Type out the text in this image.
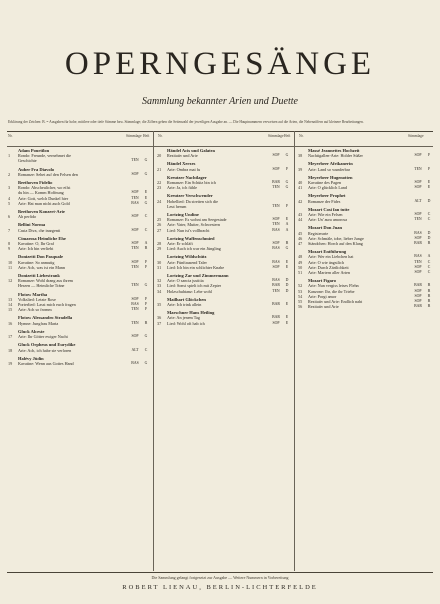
OPERNGESÄNGE
Sammlung bekannter Arien und Duette
Erklärung der Zeichen: B. = Ausgaben für hohe, mittlere oder tiefe Stimme bzw. Stimmlage; die Ziffern geben die Seitenzahl der jeweiligen Ausgabe an. — Die Hauptnummern verweisen auf die Arien, die Nebenziffern auf kleinere Bearbeitungen.
Nr.	Stimmlage Heft Nr.	Stimmlage Heft Nr.	Stimmlage
Adam Pourtilon
1	Rondo: Freunde, vernehmet die
Geschichte	TEN	G
Auber Fra Diavolo
2	Romanze: Sehet auf den Felsen den	SOP	G
Beethoven Fidelio
3	Rondo: Abscheulicher, wo eilst
du hin — Komm Hoffnung	SOP	E
4	Arie: Gott, welch Dunkel hier	TEN	E
5	Arie: Hat man nicht auch Gold	BAS	G
Beethoven Konzert-Arie
6	Ah perfido	SOP	C
Bellini Norma
7	Casta Diva, che inargenti	SOP	C
Cimarosa Heimliche Ehe
8	Kavatine: O, Ihr Graf	SOP	A
9	Arie: Ich bin verliebt	TEN	B
Donizetti Don Pasquale
10	Kavatine: So anmutig	SOP	F
11	Arie: Ach, was ist ein Mann	TEN	F
Donizetti Liebestrank
12	Romanze: Wohl drang aus ihrem
Herzen — Heimliche Träne	TEN	G
Flotow Martha
13	Volkslied: Letzte Rose	SOP	F
14	Porterlied: Lasst mich euch fragen	BAS	F
15	Arie: Ach so fromm	TEN	F
Flotow Alessandro Stradella
16	Hymne: Jungfrau Maria	TEN	B
Gluck Alceste
17	Arie: Ihr Götter ewiger Nacht	SOP	G
Gluck Orpheus und Eurydike
18	Arie: Ach, ich habe sie verloren	ALT	C
Halévy Jüdin
19	Kavatine: Wenn aus Gottes Hand	BAS	G
Händel Acis und Galatea
20	Rezitativ und Arie	SOP	G
Händel Xerxes
21	Arie: Ombra mai fu	SOP	F
Kreutzer Nachtlager
22	Romanze: Ein Schütz bin ich	BAR	G
23	Arie: Ja, ich fühle	TEN	G
Kreutzer Verschwender
24	Hobellied: Da streiten sich die
Leut herum	TEN	F
Lortzing Undine
25	Romanze: Es wohnt am Seegestade	SOP	E
26	Arie: Vater, Mutter, Schwestern	TEN	A
27	Lied: Nun ist's vollbracht	BAS	A
Lortzing Waffenschmied
28	Arie: Er schläft	SOP	B
29	Lied: Auch ich war ein Jüngling	BAS	G
Lortzing Wildschütz
30	Arie: Fünftausend Taler	BAS	E
31	Lied: Ich bin ein schlichter Knabe	SOP	E
Lortzing Zar und Zimmermann
32	Arie: O sancta justitia	BAS	D
33	Lied: Sonst spielt ich mit Zepter	BAR	D
34	Holzschuhtanz: Lebe wohl	TEN	D
Mailhart Glöckchen
35	Arie: Ich trink allein	BAR	E
Marschner Hans Heiling
36	Arie: An jenem Tag	BAR	E
37	Lied: Wohl oft hab ich	SOP	E
Massé Jeannettes Hochzeit
38	Nachtigallen-Arie: Holder Süßer	SOP	F
Meyerbeer Afrikanerin
39	Arie: Land so wunderbar	TEN	F
Meyerbeer Hugenotten
40	Kavatine des Pagen	SOP	E
41	Arie: O glücklich Land	SOP	E
Meyerbeer Prophet
42	Romanze der Fides	ALT	D
Mozart Cosi fan tutte
43	Arie: Wie ein Felsen	SOP	C
44	Arie: Un' aura amorosa	TEN	C
Mozart Don Juan
45	Registerarie	BAS	D
46	Arie: Schmäle, tobe, lieber Junge	SOP	D
47	Ständchen: Horch auf den Klang	BAR	B
Mozart Entführung
48	Arie: Wer ein Liebchen hat	BAS	A
49	Arie: O wie ängstlich	TEN	C
50	Arie: Durch Zärtlichkeit	SOP	C
51	Arie: Martern aller Arten	SOP	C
Mozart Figaro
52	Arie: Nun vergiss leises Flehn	BAR	B
53	Kanzone: Ihr, die ihr Triebe	SOP	B
54	Arie: Porgi amor	SOP	B
55	Rezitativ und Arie: Endlich naht	SOP	B
56	Rezitativ und Arie	BAR	B
Die Sammlung gelangt fortgesetzt zur Ausgabe — Weitere Nummern in Vorbereitung
ROBERT LIENAU, BERLIN-LICHTERFELDE
